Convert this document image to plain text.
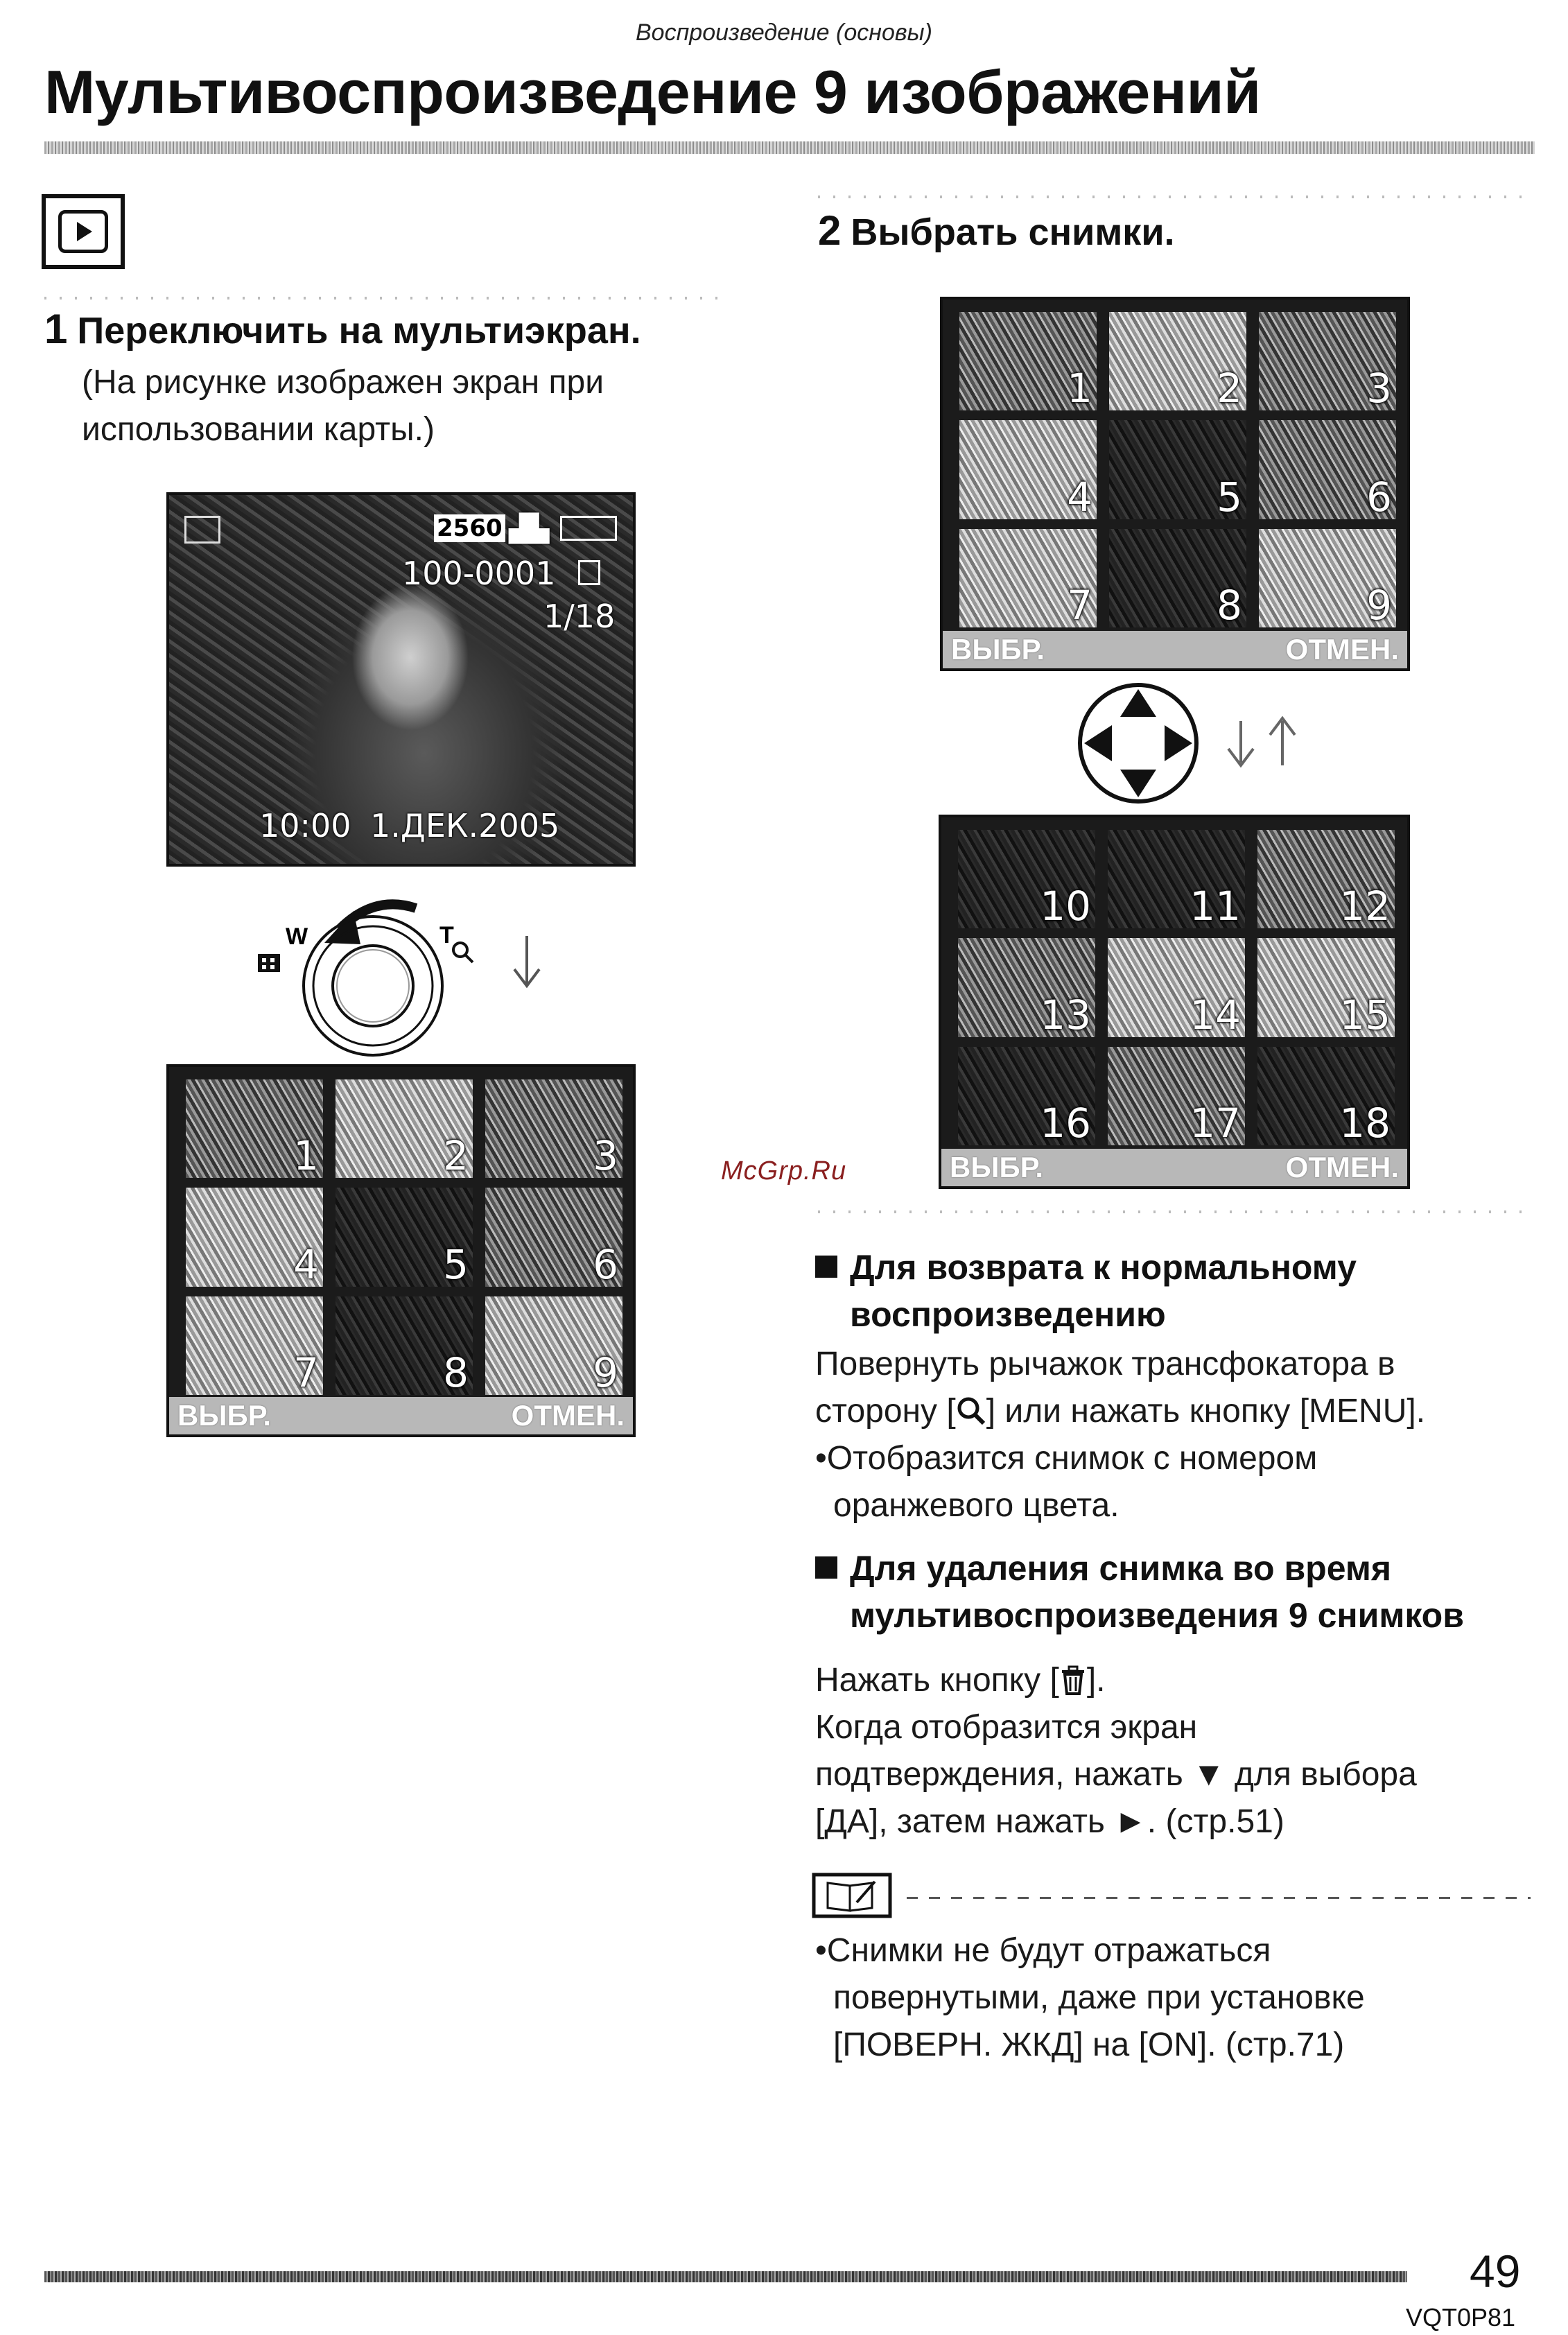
Воспроизведение (основы)
Мультивоспроизведение 9 изображений
1 Переключить на мультиэкран.
(На рисунке изображен экран при
использовании карты.)
2560 ▟▙
100-0001
1/18
10:00 1.ДЕК.2005
W	T
1	2	3
4	5	6
7	8	9
ВЫБР.	ОТМЕН.
2 Выбрать снимки.
1	2	3
4	5	6
7	8	9
ВЫБР.	ОТМЕН.
10 11 12
13 14 15
16 17 18
ВЫБР.	ОТМЕН.
McGrp.Ru
Для возврата к нормальному
воспроизведению
Повернуть рычажок трансфокатора в
сторону [ ] или нажать кнопку [MENU].
•Отобразится снимок с номером
оранжевого цвета.
Для удаления снимка во время
мультивоспроизведения 9 снимков
Нажать кнопку [ ].
Когда отобразится экран
подтверждения, нажать ▼ для выбора
[ДА], затем нажать ►. (стр.51)
•Снимки не будут отражаться
повернутыми, даже при установке
[ПОВЕРН. ЖКД] на [ON]. (стр.71)
49
VQT0P81
